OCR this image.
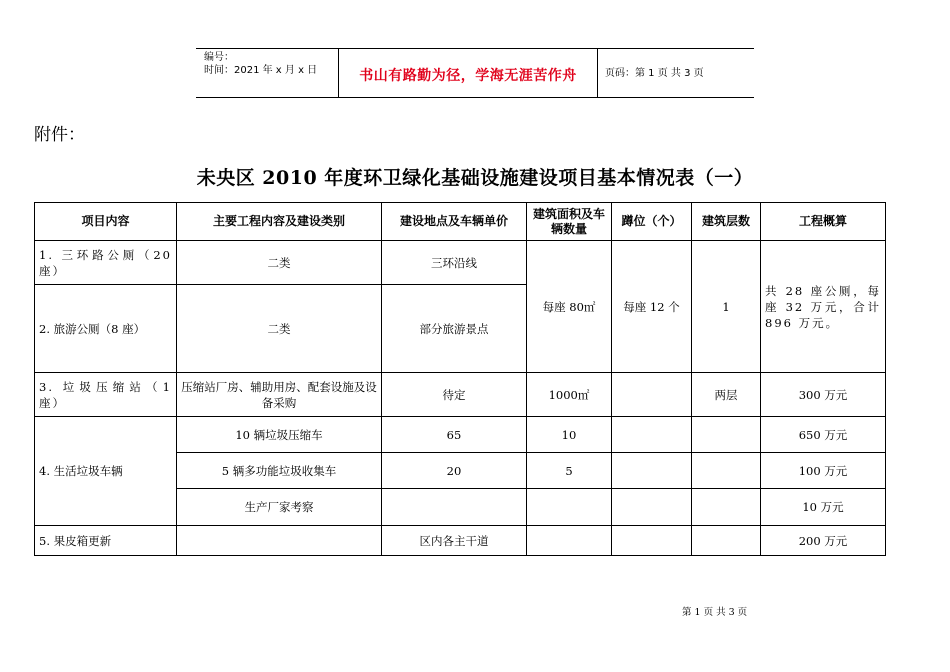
编号：
时间：2021 年 x 月 x 日	书山有路勤为径，学海无涯苦作舟	页码：第 1 页 共 3 页
附件：
未央区 2010 年度环卫绿化基础设施建设项目基本情况表（一）
项目内容	主要工程内容及建设类别	建设地点及车辆单价	建筑面积及车辆数量	蹲位（个）	建筑层数	工程概算
1. 三环路公厕（20 座）	二类	三环沿线	每座 80㎡	每座 12 个	1	共 28 座公厕，每座 32 万元，合计 896 万元。
2. 旅游公厕（8 座）	二类	部分旅游景点				
3. 垃圾压缩站（1 座）	压缩站厂房、辅助用房、配套设施及设备采购	待定	1000㎡		两层	300 万元
4. 生活垃圾车辆	10 辆垃圾压缩车	65	10			650 万元
	5 辆多功能垃圾收集车	20	5			100 万元
	生产厂家考察					10 万元
5. 果皮箱更新		区内各主干道				200 万元
第 1 页 共 3 页
